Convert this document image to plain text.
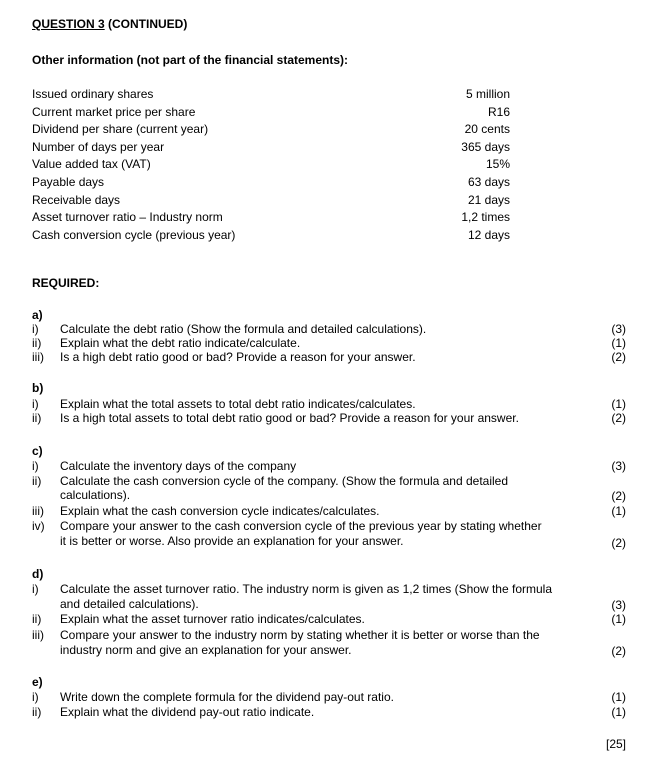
QUESTION 3 (CONTINUED)
Other information (not part of the financial statements):
Issued ordinary shares	5 million
Current market price per share	R16
Dividend per share (current year)	20 cents
Number of days per year	365 days
Value added tax (VAT)	15%
Payable days	63 days
Receivable days	21 days
Asset turnover ratio – Industry norm	1,2 times
Cash conversion cycle (previous year)	12 days
REQUIRED:
a)
i) Calculate the debt ratio (Show the formula and detailed calculations).	(3)
ii) Explain what the debt ratio indicate/calculate.	(1)
iii) Is a high debt ratio good or bad? Provide a reason for your answer.	(2)
b)
i) Explain what the total assets to total debt ratio indicates/calculates.	(1)
ii) Is a high total assets to total debt ratio good or bad? Provide a reason for your answer.	(2)
c)
i) Calculate the inventory days of the company	(3)
ii) Calculate the cash conversion cycle of the company. (Show the formula and detailed
calculations).	(2)
iii) Explain what the cash conversion cycle indicates/calculates.	(1)
iv) Compare your answer to the cash conversion cycle of the previous year by stating whether
it is better or worse. Also provide an explanation for your answer.	(2)
d)
i) Calculate the asset turnover ratio. The industry norm is given as 1,2 times (Show the formula
and detailed calculations).	(3)
ii) Explain what the asset turnover ratio indicates/calculates.	(1)
iii) Compare your answer to the industry norm by stating whether it is better or worse than the
industry norm and give an explanation for your answer.	(2)
e)
i) Write down the complete formula for the dividend pay-out ratio.	(1)
ii) Explain what the dividend pay-out ratio indicate.	(1)
[25]
